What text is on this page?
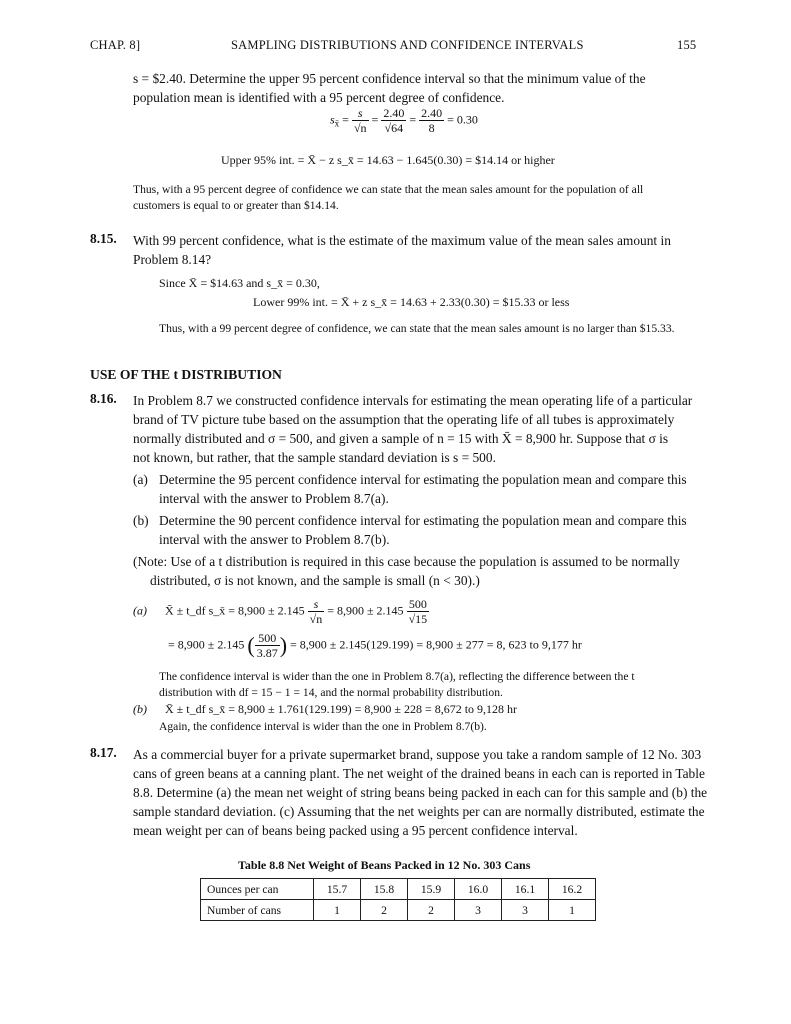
CHAP. 8]	SAMPLING DISTRIBUTIONS AND CONFIDENCE INTERVALS	155
s = $2.40. Determine the upper 95 percent confidence interval so that the minimum value of the
population mean is identified with a 95 percent degree of confidence.
$s_{x̄} = \frac{s}{√n} = \frac{2.40}{√64} = \frac{2.40}{8} = 0.30$
Upper 95% int. = X̄ − z s_x̄ = 14.63 − 1.645(0.30) = $14.14 or higher
Thus, with a 95 percent degree of confidence we can state that the mean sales amount for the population of all
customers is equal to or greater than $14.14.
8.15. With 99 percent confidence, what is the estimate of the maximum value of the mean sales amount in
Problem 8.14?
Since X̄ = $14.63 and s_x̄ = 0.30,
Lower 99% int. = X̄ + z s_x̄ = 14.63 + 2.33(0.30) = $15.33 or less
Thus, with a 99 percent degree of confidence, we can state that the mean sales amount is no larger than $15.33.
USE OF THE t DISTRIBUTION
8.16. In Problem 8.7 we constructed confidence intervals for estimating the mean operating life of a particular
brand of TV picture tube based on the assumption that the operating life of all tubes is approximately
normally distributed and σ = 500, and given a sample of n = 15 with X̄ = 8,900 hr. Suppose that σ is
not known, but rather, that the sample standard deviation is s = 500.
(a) Determine the 95 percent confidence interval for estimating the population mean and compare this
interval with the answer to Problem 8.7(a).
(b) Determine the 90 percent confidence interval for estimating the population mean and compare this
interval with the answer to Problem 8.7(b).
(Note: Use of a t distribution is required in this case because the population is assumed to be normally
distributed, σ is not known, and the sample is small (n < 30).)
(a) X̄ ± t_df s_x̄ = $8,900 \pm 2.145 \frac{s}{√n} = 8,900 \pm 2.145 \frac{500}{√15}$
= 8,900 ± 2.145 ( $\frac{500}{3.87}$ ) = 8,900 ± 2.145(129.199) = 8,900 ± 277 = 8, 623 to 9,177 hr
The confidence interval is wider than the one in Problem 8.7(a), reflecting the difference between the t
distribution with df = 15 − 1 = 14, and the normal probability distribution.
(b) X̄ ± t_df s_x̄ = 8,900 ± 1.761(129.199) = 8,900 ± 228 = 8,672 to 9,128 hr
Again, the confidence interval is wider than the one in Problem 8.7(b).
8.17. As a commercial buyer for a private supermarket brand, suppose you take a random sample of 12 No. 303
cans of green beans at a canning plant. The net weight of the drained beans in each can is reported in Table
8.8. Determine (a) the mean net weight of string beans being packed in each can for this sample and (b) the
sample standard deviation. (c) Assuming that the net weights per can are normally distributed, estimate the
mean weight per can of beans being packed using a 95 percent confidence interval.
Table 8.8 Net Weight of Beans Packed in 12 No. 303 Cans
Ounces per can	15.7	15.8	15.9	16.0	16.1	16.2
Number of cans	1	2	2	3	3	1
